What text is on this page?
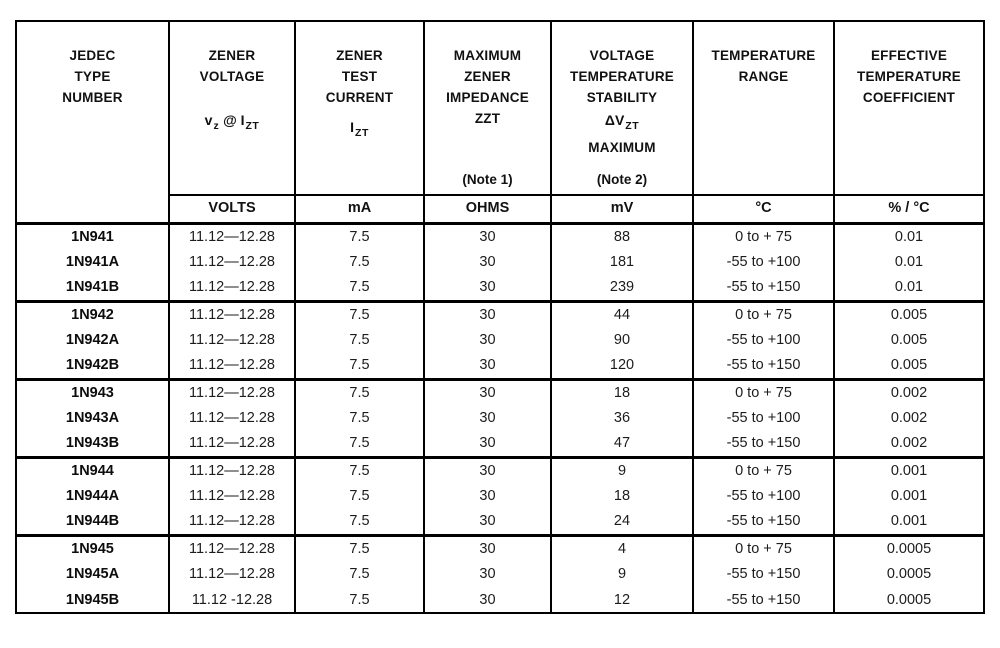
JEDEC
TYPE
NUMBER

ZENER
VOLTAGE
$v_z$ @ $I_{ZT}$

ZENER
TEST
CURRENT
$I_{ZT}$

MAXIMUM
ZENER
IMPEDANCE
ZZT
(Note 1)

VOLTAGE
TEMPERATURE
STABILITY
$\Delta V_{ZT}$
MAXIMUM
(Note 2)

TEMPERATURE
RANGE

EFFECTIVE
TEMPERATURE
COEFFICIENT

	VOLTS	mA	OHMS	mV	°C	% / °C
1N941	11.12—12.28	7.5	30	88	0 to + 75	0.01
1N941A	11.12—12.28	7.5	30	181	-55 to +100	0.01
1N941B	11.12—12.28	7.5	30	239	-55 to +150	0.01
1N942	11.12—12.28	7.5	30	44	0 to + 75	0.005
1N942A	11.12—12.28	7.5	30	90	-55 to +100	0.005
1N942B	11.12—12.28	7.5	30	120	-55 to +150	0.005
1N943	11.12—12.28	7.5	30	18	0 to + 75	0.002
1N943A	11.12—12.28	7.5	30	36	-55 to +100	0.002
1N943B	11.12—12.28	7.5	30	47	-55 to +150	0.002
1N944	11.12—12.28	7.5	30	9	0 to + 75	0.001
1N944A	11.12—12.28	7.5	30	18	-55 to +100	0.001
1N944B	11.12—12.28	7.5	30	24	-55 to +150	0.001
1N945	11.12—12.28	7.5	30	4	0 to + 75	0.0005
1N945A	11.12—12.28	7.5	30	9	-55 to +150	0.0005
1N945B	11.12 -12.28	7.5	30	12	-55 to +150	0.0005
